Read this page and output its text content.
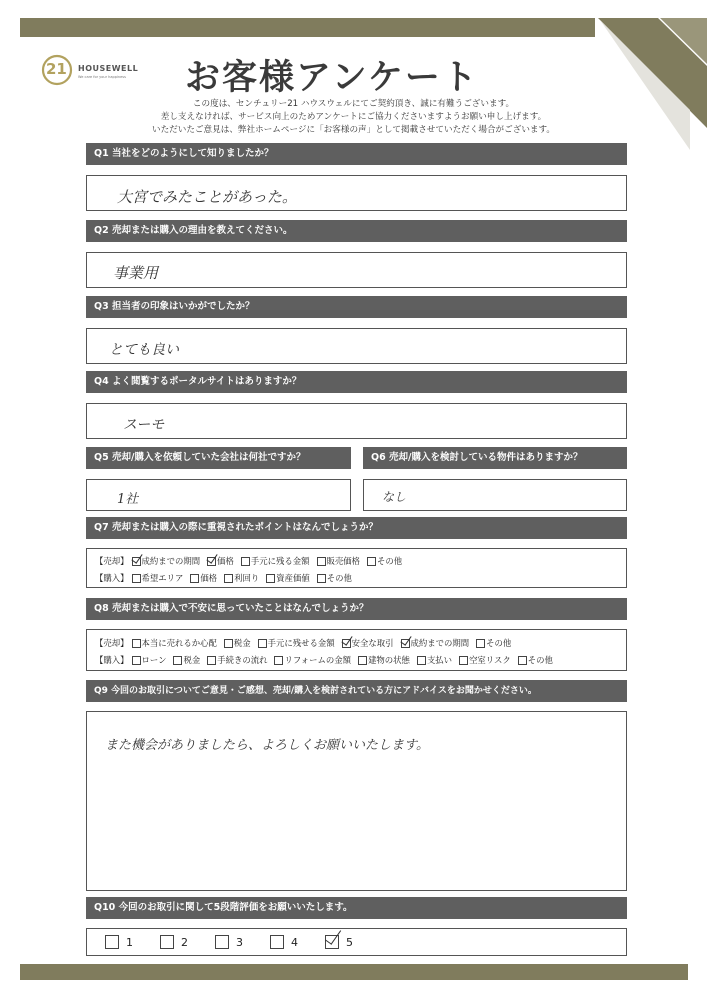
21 HOUSEWELL
We care for your happiness お客様アンケート
この度は、センチュリー21 ハウスウェルにてご契約頂き、誠に有難うございます。
差し支えなければ、サービス向上のためアンケートにご協力くださいますようお願い申し上げます。
いただいたご意見は、弊社ホームページに「お客様の声」として掲載させていただく場合がございます。
Q1 当社をどのようにして知りましたか？
大宮でみたことがあった。
Q2 売却または購入の理由を教えてください。
事業用
Q3 担当者の印象はいかがでしたか？
とても良い
Q4 よく閲覧するポータルサイトはありますか？
スーモ
Q5 売却/購入を依頼していた会社は何社ですか？
1社
Q6 売却/購入を検討している物件はありますか？
なし
Q7 売却または購入の際に重視されたポイントはなんでしょうか？
【売却】 成約までの期間 価格 手元に残る金額 販売価格 その他
【購入】 希望エリア 価格 利回り 資産価値 その他
Q8 売却または購入で不安に思っていたことはなんでしょうか？
【売却】 本当に売れるか心配 税金 手元に残せる金額 安全な取引 成約までの期間 その他
【購入】 ローン 税金 手続きの流れ リフォームの金額 建物の状態 支払い 空室リスク その他
Q9 今回のお取引についてご意見・ご感想、売却/購入を検討されている方にアドバイスをお聞かせください。
また機会がありましたら、よろしくお願いいたします。
Q10 今回のお取引に関して5段階評価をお願いいたします。
1	2	3	4	5
